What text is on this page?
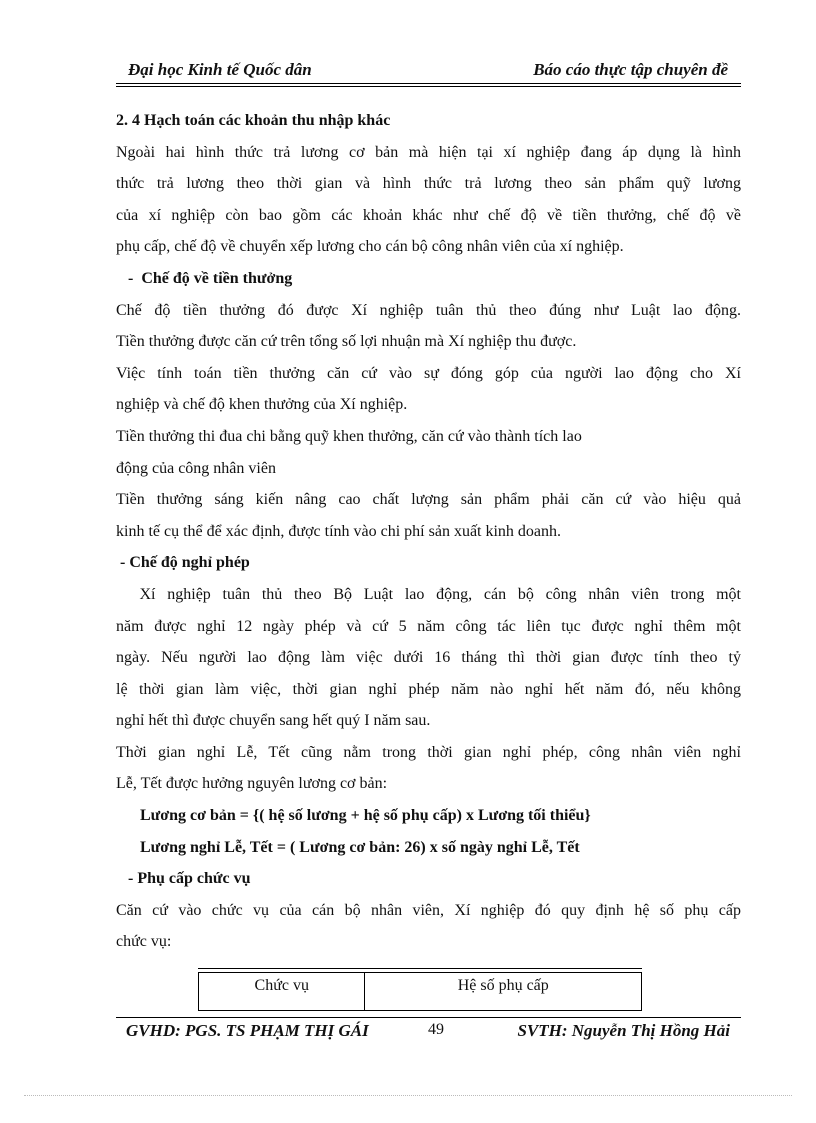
Đại học Kinh tế Quốc dân	Báo cáo thực tập chuyên đề
2. 4 Hạch toán các khoản thu nhập khác
Ngoài hai hình thức trả lương cơ bản mà hiện tại xí nghiệp đang áp dụng là hình
thức trả lương theo thời gian và hình thức trả lương theo sản phẩm quỹ lương
của xí nghiệp còn bao gồm các khoản khác như chế độ về tiền thưởng, chế độ về
phụ cấp, chế độ về chuyển xếp lương cho cán bộ công nhân viên của xí nghiệp.
-  Chế độ về tiền thưởng
Chế độ tiền thưởng đó được Xí nghiệp tuân thủ theo đúng như Luật lao động.
Tiền thưởng được căn cứ trên tổng số lợi nhuận mà Xí nghiệp thu được.
Việc tính toán tiền thưởng căn cứ vào sự đóng góp của người lao động cho Xí
nghiệp và chế độ khen thưởng của Xí nghiệp.
Tiền thưởng thi đua chi bằng quỹ khen thưởng, căn cứ vào thành tích lao
động của công nhân viên
Tiền thưởng sáng kiến nâng cao chất lượng sản phẩm phải căn cứ vào hiệu quả
kinh tế cụ thể để xác định, được tính vào chi phí sản xuất kinh doanh.
- Chế độ nghỉ phép
Xí nghiệp tuân thủ theo Bộ Luật lao động, cán bộ công nhân viên trong một
năm được nghỉ 12 ngày phép và cứ 5 năm công tác liên tục được nghỉ thêm một
ngày. Nếu người lao động làm việc dưới 16 tháng thì thời gian được tính theo tỷ
lệ thời gian làm việc, thời gian nghỉ phép năm nào nghỉ hết năm đó, nếu không
nghỉ hết thì được chuyển sang hết quý I năm sau.
Thời gian nghỉ Lễ, Tết cũng nằm trong thời gian nghỉ phép, công nhân viên nghỉ
Lễ, Tết được hưởng nguyên lương cơ bản:
Lương cơ bản = {( hệ số lương + hệ số phụ cấp) x Lương tối thiểu}
Lương nghỉ Lễ, Tết = ( Lương cơ bản: 26) x số ngày nghỉ Lễ, Tết
- Phụ cấp chức vụ
Căn cứ vào chức vụ của cán bộ nhân viên, Xí nghiệp đó quy định hệ số phụ cấp
chức vụ:
Chức vụ	Hệ số phụ cấp
GVHD: PGS. TS PHẠM THỊ GÁI	49	SVTH: Nguyễn Thị Hồng Hải
